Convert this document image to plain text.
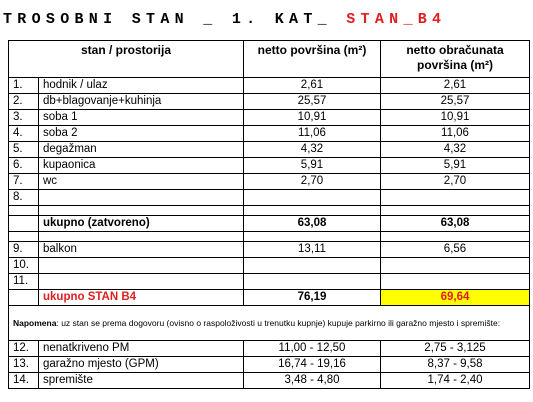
TROSOBNI STAN _ 1. KAT_ STAN_B4
stan / prostorija		netto površina (m²)	netto obračunata površina (m²)
1.	hodnik / ulaz	2,61	2,61
2.	db+blagovanje+kuhinja	25,57	25,57
3.	soba 1	10,91	10,91
4.	soba 2	11,06	11,06
5.	degažman	4,32	4,32
6.	kupaonica	5,91	5,91
7.	wc	2,70	2,70
8.			

	ukupno (zatvoreno)	63,08	63,08

9.	balkon	13,11	6,56
10.			
11.			
	ukupno STAN B4	76,19	69,64
Napomena: uz stan se prema dogovoru (ovisno o raspoloživosti u trenutku kupnje) kupuje parkirno ili garažno mjesto i spremište:			
12.	nenatkriveno PM	11,00 - 12,50	2,75 - 3,125
13.	garažno mjesto (GPM)	16,74 - 19,16	8,37 - 9,58
14.	spremište	3,48 - 4,80	1,74 - 2,40
